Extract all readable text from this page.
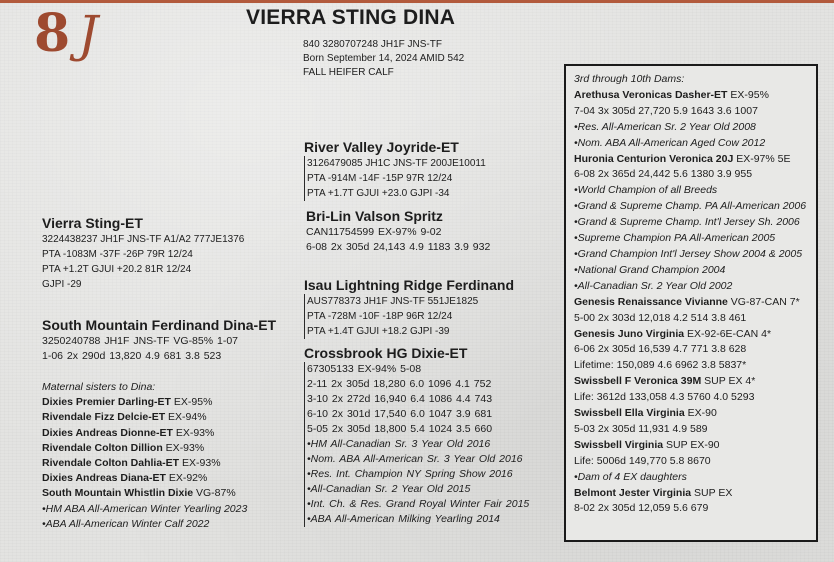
8 J	VIERRA STING DINA
840 3280707248 JH1F JNS-TF
Born September 14, 2024 AMID 542
FALL HEIFER CALF
Vierra Sting-ET
3224438237 JH1F JNS-TF A1/A2 777JE1376
PTA -1083M -37F -26P 79R 12/24
PTA +1.2T GJUI +20.2 81R 12/24
GJPI -29
South Mountain Ferdinand Dina-ET
3250240788 JH1F JNS-TF VG-85% 1-07
1-06 2x 290d 13,820 4.9 681 3.8 523
Maternal sisters to Dina:
Dixies Premier Darling-ET EX-95%
Rivendale Fizz Delcie-ET EX-94%
Dixies Andreas Dionne-ET EX-93%
Rivendale Colton Dillion EX-93%
Rivendale Colton Dahlia-ET EX-93%
Dixies Andreas Diana-ET EX-92%
South Mountain Whistlin Dixie VG-87%
•HM ABA All-American Winter Yearling 2023
•ABA All-American Winter Calf 2022
River Valley Joyride-ET
3126479085 JH1C JNS-TF 200JE10011
PTA -914M -14F -15P 97R 12/24
PTA +1.7T GJUI +23.0 GJPI -34
Bri-Lin Valson Spritz
CAN11754599 EX-97% 9-02
6-08 2x 305d 24,143 4.9 1183 3.9 932
Isau Lightning Ridge Ferdinand
AUS778373 JH1F JNS-TF 551JE1825
PTA -728M -10F -18P 96R 12/24
PTA +1.4T GJUI +18.2 GJPI -39
Crossbrook HG Dixie-ET
67305133 EX-94% 5-08
2-11 2x 305d 18,280 6.0 1096 4.1 752
3-10 2x 272d 16,940 6.4 1086 4.4 743
6-10 2x 301d 17,540 6.0 1047 3.9 681
5-05 2x 305d 18,800 5.4 1024 3.5 660
•HM All-Canadian Sr. 3 Year Old 2016
•Nom. ABA All-American Sr. 3 Year Old 2016
•Res. Int. Champion NY Spring Show 2016
•All-Canadian Sr. 2 Year Old 2015
•Int. Ch. & Res. Grand Royal Winter Fair 2015
•ABA All-American Milking Yearling 2014
3rd through 10th Dams:
Arethusa Veronicas Dasher-ET EX-95%
7-04 3x 305d 27,720 5.9 1643 3.6 1007
•Res. All-American Sr. 2 Year Old 2008
•Nom. ABA All-American Aged Cow 2012
Huronia Centurion Veronica 20J EX-97% 5E
6-08 2x 365d 24,442 5.6 1380 3.9 955
•World Champion of all Breeds
•Grand & Supreme Champ. PA All-American 2006
•Grand & Supreme Champ. Int'l Jersey Sh. 2006
•Supreme Champion PA All-American 2005
•Grand Champion Int'l Jersey Show 2004 & 2005
•National Grand Champion 2004
•All-Canadian Sr. 2 Year Old 2002
Genesis Renaissance Vivianne VG-87-CAN 7*
5-00 2x 303d 12,018 4.2 514 3.8 461
Genesis Juno Virginia EX-92-6E-CAN 4*
6-06 2x 305d 16,539 4.7 771 3.8 628
Lifetime: 150,089 4.6 6962 3.8 5837*
Swissbell F Veronica 39M SUP EX 4*
Life: 3612d 133,058 4.3 5760 4.0 5293
Swissbell Ella Virginia EX-90
5-03 2x 305d 11,931 4.9 589
Swissbell Virginia SUP EX-90
Life: 5006d 149,770 5.8 8670
•Dam of 4 EX daughters
Belmont Jester Virginia SUP EX
8-02 2x 305d 12,059 5.6 679
